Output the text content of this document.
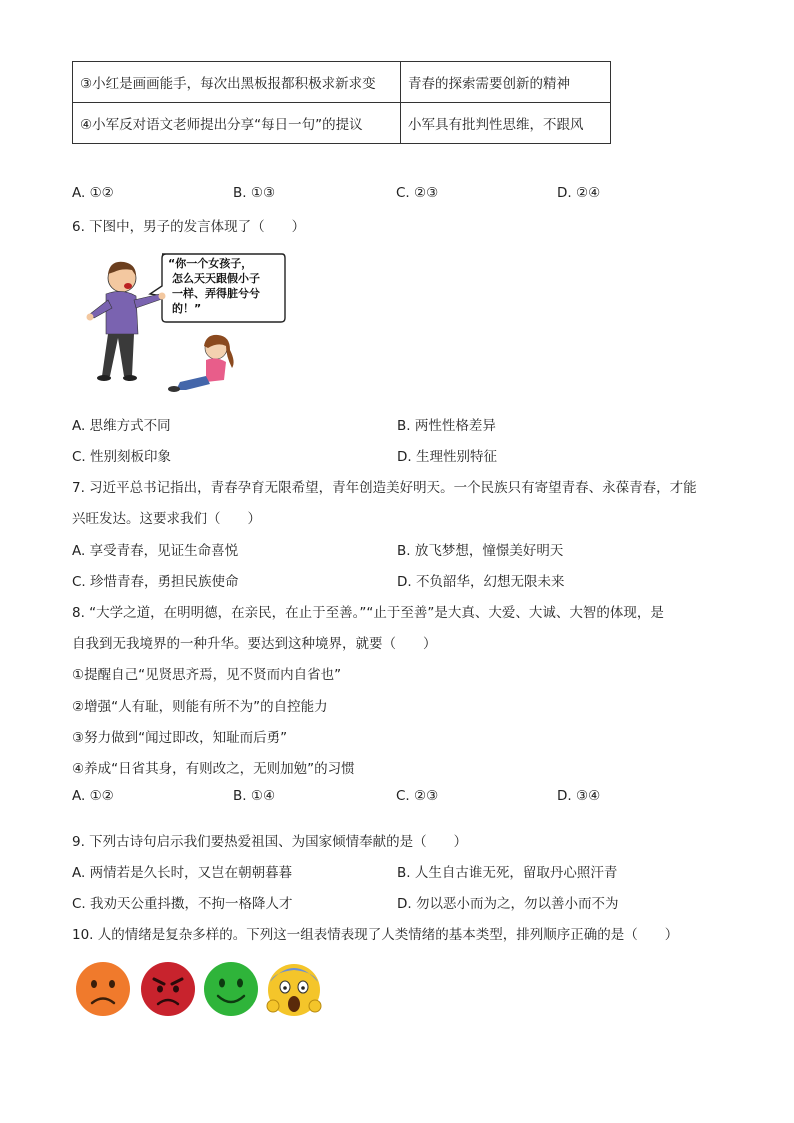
③小红是画画能手，每次出黑板报都积极求新求变	青春的探索需要创新的精神
④小军反对语文老师提出分享“每日一句”的提议	小军具有批判性思维，不跟风
A. ①②	B. ①③	C. ②③	D. ②④
6. 下图中，男子的发言体现了（　　）
“你一个女孩子， 怎么天天跟假小子 一样、弄得脏兮兮 的！”
A. 思维方式不同	B. 两性性格差异
C. 性别刻板印象	D. 生理性别特征
7. 习近平总书记指出，青春孕育无限希望，青年创造美好明天。一个民族只有寄望青春、永葆青春，才能
兴旺发达。这要求我们（　　）
A. 享受青春，见证生命喜悦	B. 放飞梦想，憧憬美好明天
C. 珍惜青春，勇担民族使命	D. 不负韶华，幻想无限未来
8. “大学之道，在明明德，在亲民，在止于至善。”“止于至善”是大真、大爱、大诚、大智的体现，是
自我到无我境界的一种升华。要达到这种境界，就要（　　）
①提醒自己“见贤思齐焉，见不贤而内自省也”
②增强“人有耻，则能有所不为”的自控能力
③努力做到“闻过即改，知耻而后勇”
④养成“日省其身，有则改之，无则加勉”的习惯
A. ①②	B. ①④	C. ②③	D. ③④
9. 下列古诗句启示我们要热爱祖国、为国家倾情奉献的是（　　）
A. 两情若是久长时，又岂在朝朝暮暮	B. 人生自古谁无死，留取丹心照汗青
C. 我劝天公重抖擞，不拘一格降人才	D. 勿以恶小而为之，勿以善小而不为
10. 人的情绪是复杂多样的。下列这一组表情表现了人类情绪的基本类型，排列顺序正确的是（　　）
